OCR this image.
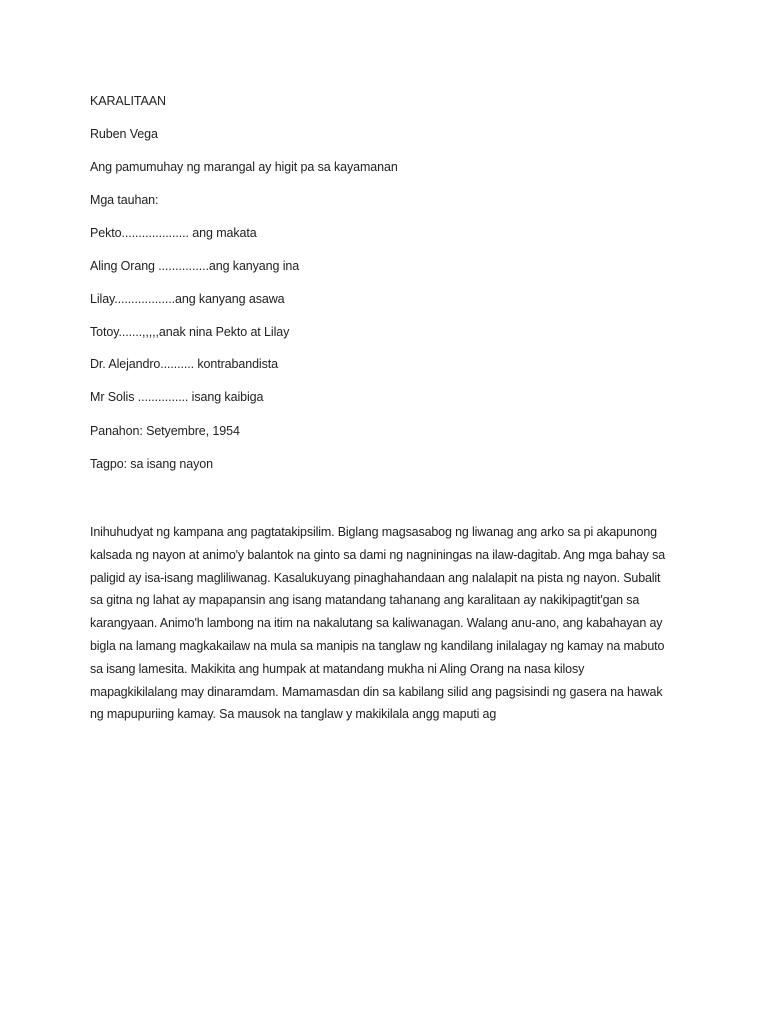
KARALITAAN
Ruben Vega
Ang pamumuhay ng marangal ay higit pa sa kayamanan
Mga tauhan:
Pekto.................... ang makata
Aling Orang ...............ang kanyang ina
Lilay..................ang kanyang asawa
Totoy.......,,,,,anak nina Pekto at Lilay
Dr. Alejandro.......... kontrabandista
Mr Solis ............... isang kaibiga
Panahon: Setyembre, 1954
Tagpo: sa isang nayon
Inihuhudyat ng kampana ang pagtatakipsilim. Biglang magsasabog ng liwanag ang arko sa pi akapunong
kalsada ng nayon at animo'y balantok na ginto sa dami ng nagniningas na ilaw-dagitab. Ang mga bahay sa
paligid ay isa-isang magliliwanag. Kasalukuyang pinaghahandaan ang nalalapit na pista ng nayon. Subalit
sa gitna ng lahat ay mapapansin ang isang matandang tahanang ang karalitaan ay nakikipagtit'gan sa
karangyaan. Animo'h lambong na itim na nakalutang sa kaliwanagan. Walang anu-ano, ang kabahayan ay
bigla na lamang magkakailaw na mula sa manipis na tanglaw ng kandilang inilalagay ng kamay na mabuto
sa isang lamesita. Makikita ang humpak at matandang mukha ni Aling Orang na nasa kilosy
mapagkikilalang may dinaramdam. Mamamasdan din sa kabilang silid ang pagsisindi ng gasera na hawak
ng mapupuriing kamay. Sa mausok na tanglaw y makikilala angg maputi ag
